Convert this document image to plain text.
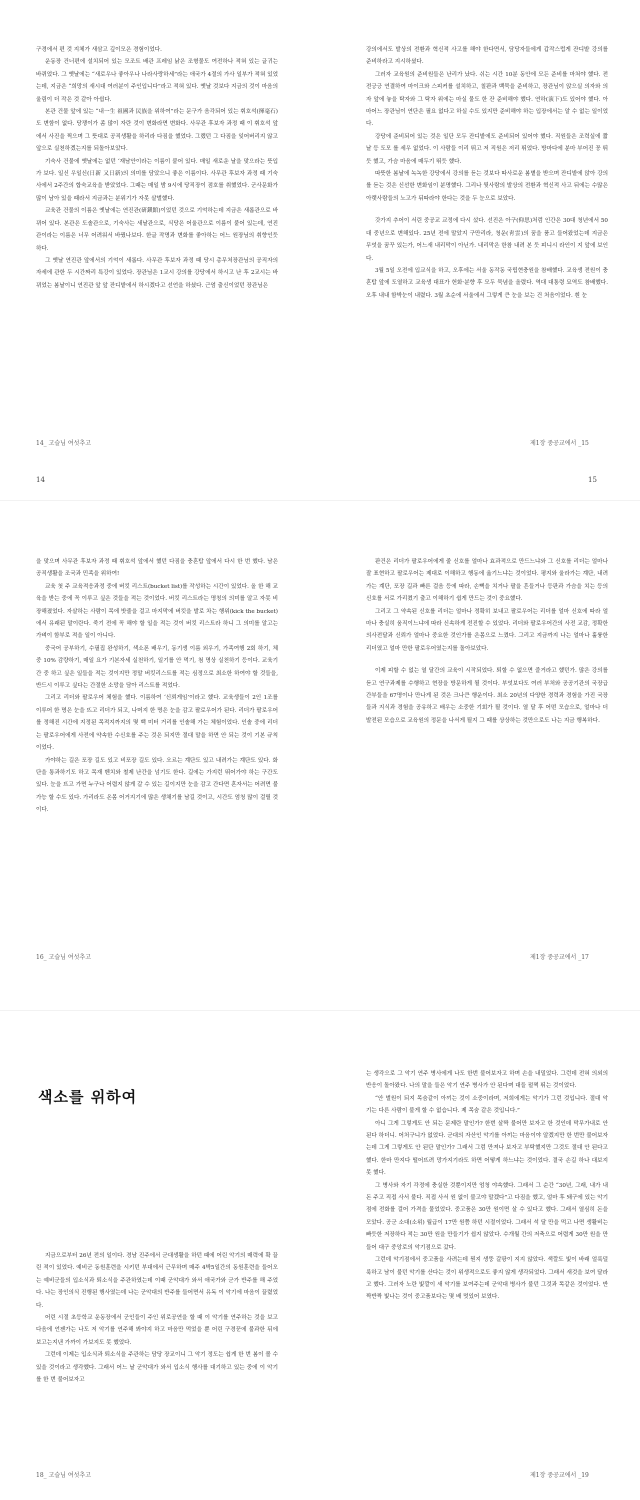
구경에서 편 것 지체가 새삼고 깊이모은 경험이었다.

운동장 건너편에 설치되어 있는 모조트 배관 프레임 낡은 조형물도 여전하나 적혀 있는 글귀는 바뀌었다. 그 옛날에는 “새로우나 좋아우나 나라사랑하세”라는 애국가 4절의 가사 일부가 적혀 있었는데, 지금은 “희망의 새시대 여러분이 주인입니다”라고 적혀 있다. 옛날 것보다 지금의 것이 마음의 울림이 더 작은 것 같아 아쉽다.

본관 건물 앞에 있는 “내一生 祖國과 民族을 위하여”라는 문구가 음각되어 있는 휘호석(揮毫石)도 변함이 없다. 당쟁이가 좀 많이 자란 것이 변화라면 변화다. 사무관 후보자 과정 때 이 휘호석 앞에서 사진을 찍으며 그 뜻대로 공직생활을 하리라 다짐을 했었다. 그랬던 그 다짐을 잊어버리지 않고 앞으로 실천하겠는지를 되돌아보았다.

기숙사 건물에 옛날에는 없던 ‘재남안이라는 이름이 붙어 있다. 매일 새로운 날을 맞으라는 뜻입가 보다. 일신 우일신(日新 又日新)의 의미를 담았으니 좋은 이름이다. 사무관 후보자 과정 때 기숙사에서 2주간의 합숙교육을 받았었다. 그때는 매일 밤 9시에 당직장이 점호를 취했었다. 군사문화가 많이 남아 있을 때라서 지금과는 분위기가 자못 살벌했다.

교육관 건물의 이름은 옛날에는 연진관(硏鎭館)이었던 것으로 기억하는데 지금은 새롭관으로 바뀌어 있다. 본관은 도솔관으로, 기숙사는 새날관으로, 식당은 어울관으로 이름이 붙어 있는데, 연진관이라는 이름은 너무 어려워서 바꿨나보다. 한글 작명과 변화를 좋아하는 어느 원장님의 취향인듯하다.

그 옛날 연진관 앞에서의 기억이 새롭다. 사무관 후보자 과정 때 당시 총무처장관님의 공직자의 자세에 관한 두 시간짜리 특강이 있었다. 장관님은 1교시 강의를 강당에서 하시고 난 후 2교시는 바뀌었는 봄날이니 연진관 앞 앞 잔디밭에서 하시겠다고 선언을 하셨다. 근엄 출신이었던 장관님은

14_ 고슬님 여섯추고
14

강의에서도 발상의 전환과 혁신적 사고를 해야 한다면서, 담당자들에게 갑작스럽게 잔디밭 강의를 준비하라고 지시하셨다.

그러자 교육원의 준비원들은 난리가 났다. 쉬는 시간 10분 동안에 모든 준비를 마쳐야 했다. 전전긍긍 연결하여 마이크와 스피커를 설치하고, 칠판과 백묵을 준비하고, 장관님이 앉으실 의자와 의자 앞에 놓을 탁자와 그 탁자 위에는 마실 물도 한 잔 준비해야 했다. 연하(演下)도 있어야 했다. 아마어느 장관님이 연단은 필요 없다고 하실 수도 있지만 준비해야 하는 입장에서는 알 수 없는 일이었다.

강당에 준비되어 있는 것은 일단 모두 잔디밭에도 준비되어 있어야 했다. 직원들은 조력실에 짧낱 등 도모 를 세우 없었다. 이 사람들 이리 뛰고 저 직원은 저리 뛰었다. 방마다에 분마 부어진 꽁 뛰듯 했고, 가슴 마음에 매두기 뛰듯 했다.

따뜻한 봄날에 녹녹한 강당에서 강의를 듣는 것보다 따사로운 봄볕을 받으며 잔디밭에 앉아 강의를 듣는 것은 신선한 변화임이 분명했다. 그리나 뒷사람의 발상의 전환과 혁신적 사고 뒤에는 수많은 아랫사람들의 노고가 뒤따라야 한다는 것을 두 눈으로 보았다.

갓가지 추어이 서린 중공교 교정에 다시 섰다. 선진은 아구(仰思)처럼 인간은 30대 청년에서 50대 중년으로 변해있다. 25년 전에 말았지 구만리라, 청운(靑雲)의 꿈을 품고 들어왔었는데 지금은 무엇을 꿈꾸 있는가, 어느새 내리막이 아닌가. 내리막은 한참 내려 본 듯 피니시 라인이 지 앞에 보인다.

3월 5일 오전에 입교식을 하고, 오후에는 서울 동작동 국립현충원을 참배했다. 교육생 전원이 충혼탑 앞에 도열하고 교육생 대표가 헌화·분향 후 모두 묵념을 올렸다. 역대 대통령 묘역도 참배했다. 오후 내내 함박눈이 내렸다. 3월 초순에 서울에서 그렇게 큰 눈을 보는 건 처음이었다. 흰 눈

제1장 중공교에서 _15
15

을 맞으며 사무관 후보자 과정 때 휘호석 앞에서 했던 다짐을 충혼탑 앞에서 다시 한 번 했다. 남은 공직생활을 조국과 민족을 위하여!

교육 첫 주 교육적응과정 중에 버킷 리스트(bucket list)를 작성하는 시간이 있었다. 올 한 해 교육을 받는 중에 꼭 이루고 싶은 것들을 적는 것이었다. 버킷 리스트라는 명칭의 의미를 알고 자못 비장해졌었다. 자살하는 사람이 목에 밧줄을 걸고 마지막에 버킷을 발로 차는 행위(kick the bucket)에서 유래된 말이란다. 죽기 전에 꼭 해야 할 일을 적는 것이 버킷 리스트라 하니 그 의미를 알고는 가벼이 함부로 적을 일이 아니다.

중국어 공부하기, 수필집 완성하기, 색소폰 배우기, 동기생 이름 외우기, 가족여행 2회 하기, 체중 10% 감량하기, 매일 요가 기본자세 실천하기, 일기를 안 먹기, 첨 명상 실천하기 등이다. 교육기간 중 하고 싶은 일들을 적는 것이지만 정말 버킷리스트를 적는 심정으로 최소한 하여야 할 것들을, 반드시 이루고 싶다는 간절한 소망을 담아 리스트를 적었다.

그리고 리더와 팔로우어 체험을 했다. 이름하여 ‘신뢰게임’이라고 했다. 교육생들이 2인 1조를 이루어 한 명은 눈을 뜨고 리더가 되고, 나머지 한 명은 눈을 감고 팔로우어가 된다. 리더가 팔로우어를 정해진 시간에 지정된 목적지까지의 몇 백 미터 거리를 인솔해 가는 체험이었다. 인솔 중에 리더는 팔로우어에게 사전에 약속한 수신호를 주는 것은 되지만 절대 말을 하면 안 되는 것이 기본 규칙이었다.

가야하는 길은 포장 길도 있고 비포장 길도 있다. 오르는 계단도 있고 내려가는 계단도 있다. 화단을 통과하기도 하고 목재 벤치와 철제 난간을 넘기도 한다. 길에는 가지런 뛰어가야 하는 구간도 있다. 눈을 뜨고 가면 누구나 어렵지 않게 갈 수 있는 길이지만 눈을 감고 간다면 혼자서는 어려면 불가능 할 수도 있다. 가리라도 온몸 어거지기에 많은 생채기를 남길 것이고, 시간도 엄청 많이 걸릴 것이다.

16_ 고슬님 여섯추고

판건은 리더가 팔로우어에게 줄 신호를 얼마나 효과적으로 만드느냐와 그 신호를 리더는 얼마나 잘 표현하고 팔로우어는 제대로 이해하고 행동에 옮기느냐는 것이었다. 평지와 울라가는 계단, 내려가는 계단, 포장 길과 빠른 걸음 등에 따라, 손뼉을 치거나 팔을 흔들거나 등판과 가슴을 치는 등의 신호를 서로 가리켰기 출고 이해하기 쉽게 만드는 것이 중요했다.

그리고 그 약속된 신호를 리더는 얼마나 정확히 보내고 팔로우어는 리더를 얼마 신호에 따라 얼마나 충실히 움직이느냐에 따라 신속하게 전진할 수 있었다. 리더와 팔로우어간의 사전 교감, 정확한 의사전달과 신뢰가 얼마나 중요한 것인가를 은몸으로 느꼈다. 그리고 지금까지 나는 얼마나 훌륭한 리더였고 얼마 만한 팔로우어였는지를 돌아보았다.

이제 피할 수 없는 열 달간의 교육이 시작되었다. 퇴할 수 없으면 즐거라고 했던가. 많은 강의를 듣고 연구과제를 수행하고 현장을 방문하게 될 것이다. 부엇보다도 여러 부처와 공공기관의 국장급 간부들을 67명이나 만나게 된 것은 크나큰 행운이다. 최소 20년의 다양한 경력과 경험을 가진 국장들과 지식과 경험을 공유하고 배우는 소중한 기회가 될 것이다. 열 달 후 어떤 모습으로, 얼마나 더 발전된 모습으로 교육원의 정문을 나서게 될지 그 때를 상상하는 것만으로도 나는 지금 행복하다.

제1장 중공교에서 _17
색소를 위하여

지금으로부터 26년 전의 일이다. 경남 진주에서 군대생활을 하던 때에 어린 악기의 매력에 확 끌린 적이 있었다. 예비군 동원훈련을 시키던 부대에서 근무하며 매주 4박5일간의 동원훈련을 들어오는 예비군들의 입소식과 퇴소식을 주관하였는데 이때 군악대가 와서 애국가와 군가 반주를 해 주었다. 나는 장인의식 진행된 행사였는데 나는 군악대의 반주를 들어면서 유독 이 악기에 마음이 끌렸었다.

어린 시절 초등학교 운동장에서 군인들이 주인 위로공연을 할 때 이 악기를 연주하는 것을 보고 다음에 언젠가는 나도 저 악기를 연주해 봐야지 하고 마음만 먹었을 뿐 어린 구경꾼에 불과한 뒤에 보고는지낸 가까이 가보지도 못 했었다.

그런데 이제는 입소식과 퇴소식을 주관하는 담당 장교이니 그 악기 정도는 쉽게 한 번 봄이 볼 수 있을 것이라고 생각했다. 그래서 어느 날 군악대가 와서 입소식 행사를 대기하고 있는 중에 이 악기를 한 번 불어보자고

18_ 고슬님 여섯추고

는 생각으로 그 악기 연주 병사에게 나도 한번 불어보자고 하며 손을 내밀었다. 그런데 전혀 의외의 반응이 돌아왔다. 나의 말을 들은 악기 연주 병사가 안 된다며 대들 펄쩍 뛰는 것이었다.

“안 벌원이 되지 목숨같이 아끼는 것이 소중이라며, 저희에게는 악기가 그런 것입니다. 절대 악기는 다른 사람이 불게 할 수 없습니다. 제 목숨 같은 것입니다.”

아니 그게 그렇게도 안 되는 문제란 말인가? 한번 살짝 불어만 보자고 한 것인데 막무가내로 안 된다 하더니. 어처구니가 없었다. 군대의 자산인 악기를 아끼는 마음이야 알겠지만 한 번만 불어보자는데 그게 그렇게도 안 된단 말인가? 그래서 그럼 만져나 보자고 부탁했지만 그것도 절대 안 된다고 했다. 한마 만지다 떨어뜨려 망가지기라도 하면 어떻게 하느냐는 것이었다. 결국 손길 하나 대보지 못 했다.

그 병사와 자기 각정에 충실한 것뿐이지만 엄청 야속했다. 그래서 그 순간 “30년, 그래, 내가 내 돈 주고 직접 사서 불다. 직접 사서 원 없이 불고야 말겠다”고 다짐을 했고, 얼마 후 돼구에 있는 악기점에 전화를 걸어 가격을 물었었다. 중고품은 30만 원이면 살 수 있다고 했다. 그래서 열심히 돈을 모았다. 공군 소대(소위) 월급이 17만 원쯤 하던 시절이었다. 그래서 석 달 만을 먹고 나면 생활비는 빠듯한 저장하다 적는 30만 원을 만들기가 쉽지 않았다. 수개월 간의 저축으로 어렵게 30만 원을 만들어 대구 중앙로의 악기점으로 갔다.

그런데 악기점에서 중고품을 사려는데 뭔지 생뚱 갈팡이 지지 않았다. 색깔도 빛이 바래 얼룩덜룩하고 남이 불던 악기를 산다는 것이 위생적으로도 좋지 않게 생각되었다. 그래서 새것을 보여 달라고 했다. 그러자 노란 빛깔이 새 악기를 보여주는데 군악대 병사가 불던 그것과 똑같은 것이었다. 반짝반짝 빛나는 것이 중고품보다는 몇 배 멋있어 보였다.

제1장 중공교에서 _19
